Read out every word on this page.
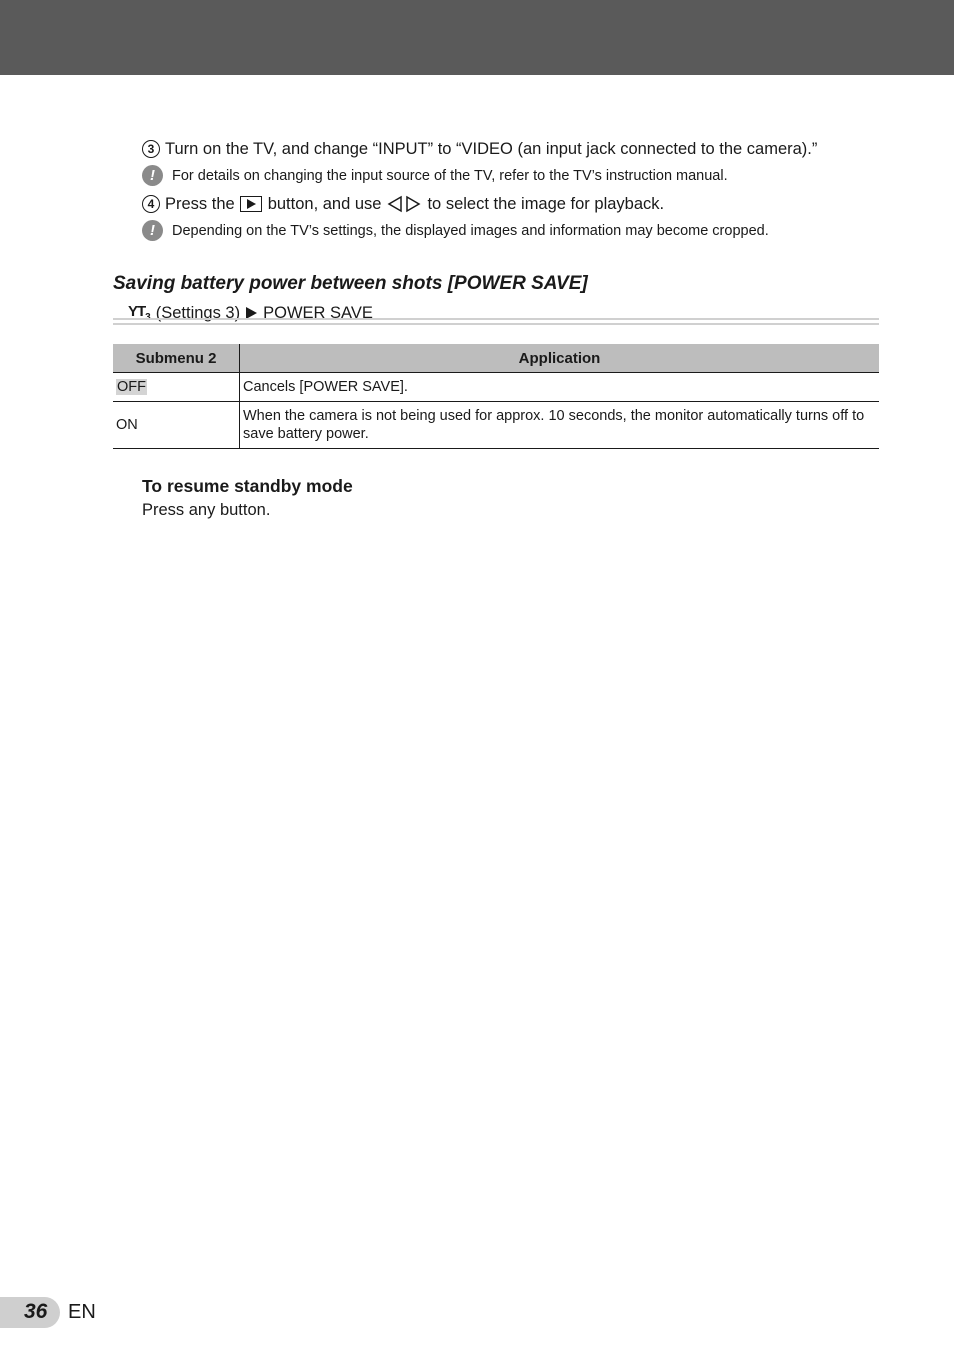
3 Turn on the TV, and change “INPUT” to “VIDEO (an input jack connected to the camera).”
!	For details on changing the input source of the TV, refer to the TV’s instruction manual.
4 Press the button, and use	to select the image for playback.
!	Depending on the TV’s settings, the displayed images and information may become cropped.
Saving battery power between shots [POWER SAVE]
$YT_3$ (Settings 3) POWER SAVE
Submenu 2	Application
OFF	Cancels [POWER SAVE].
ON	When the camera is not being used for approx. 10 seconds, the monitor automatically turns off to save battery power.
To resume standby mode
Press any button.
36 EN
